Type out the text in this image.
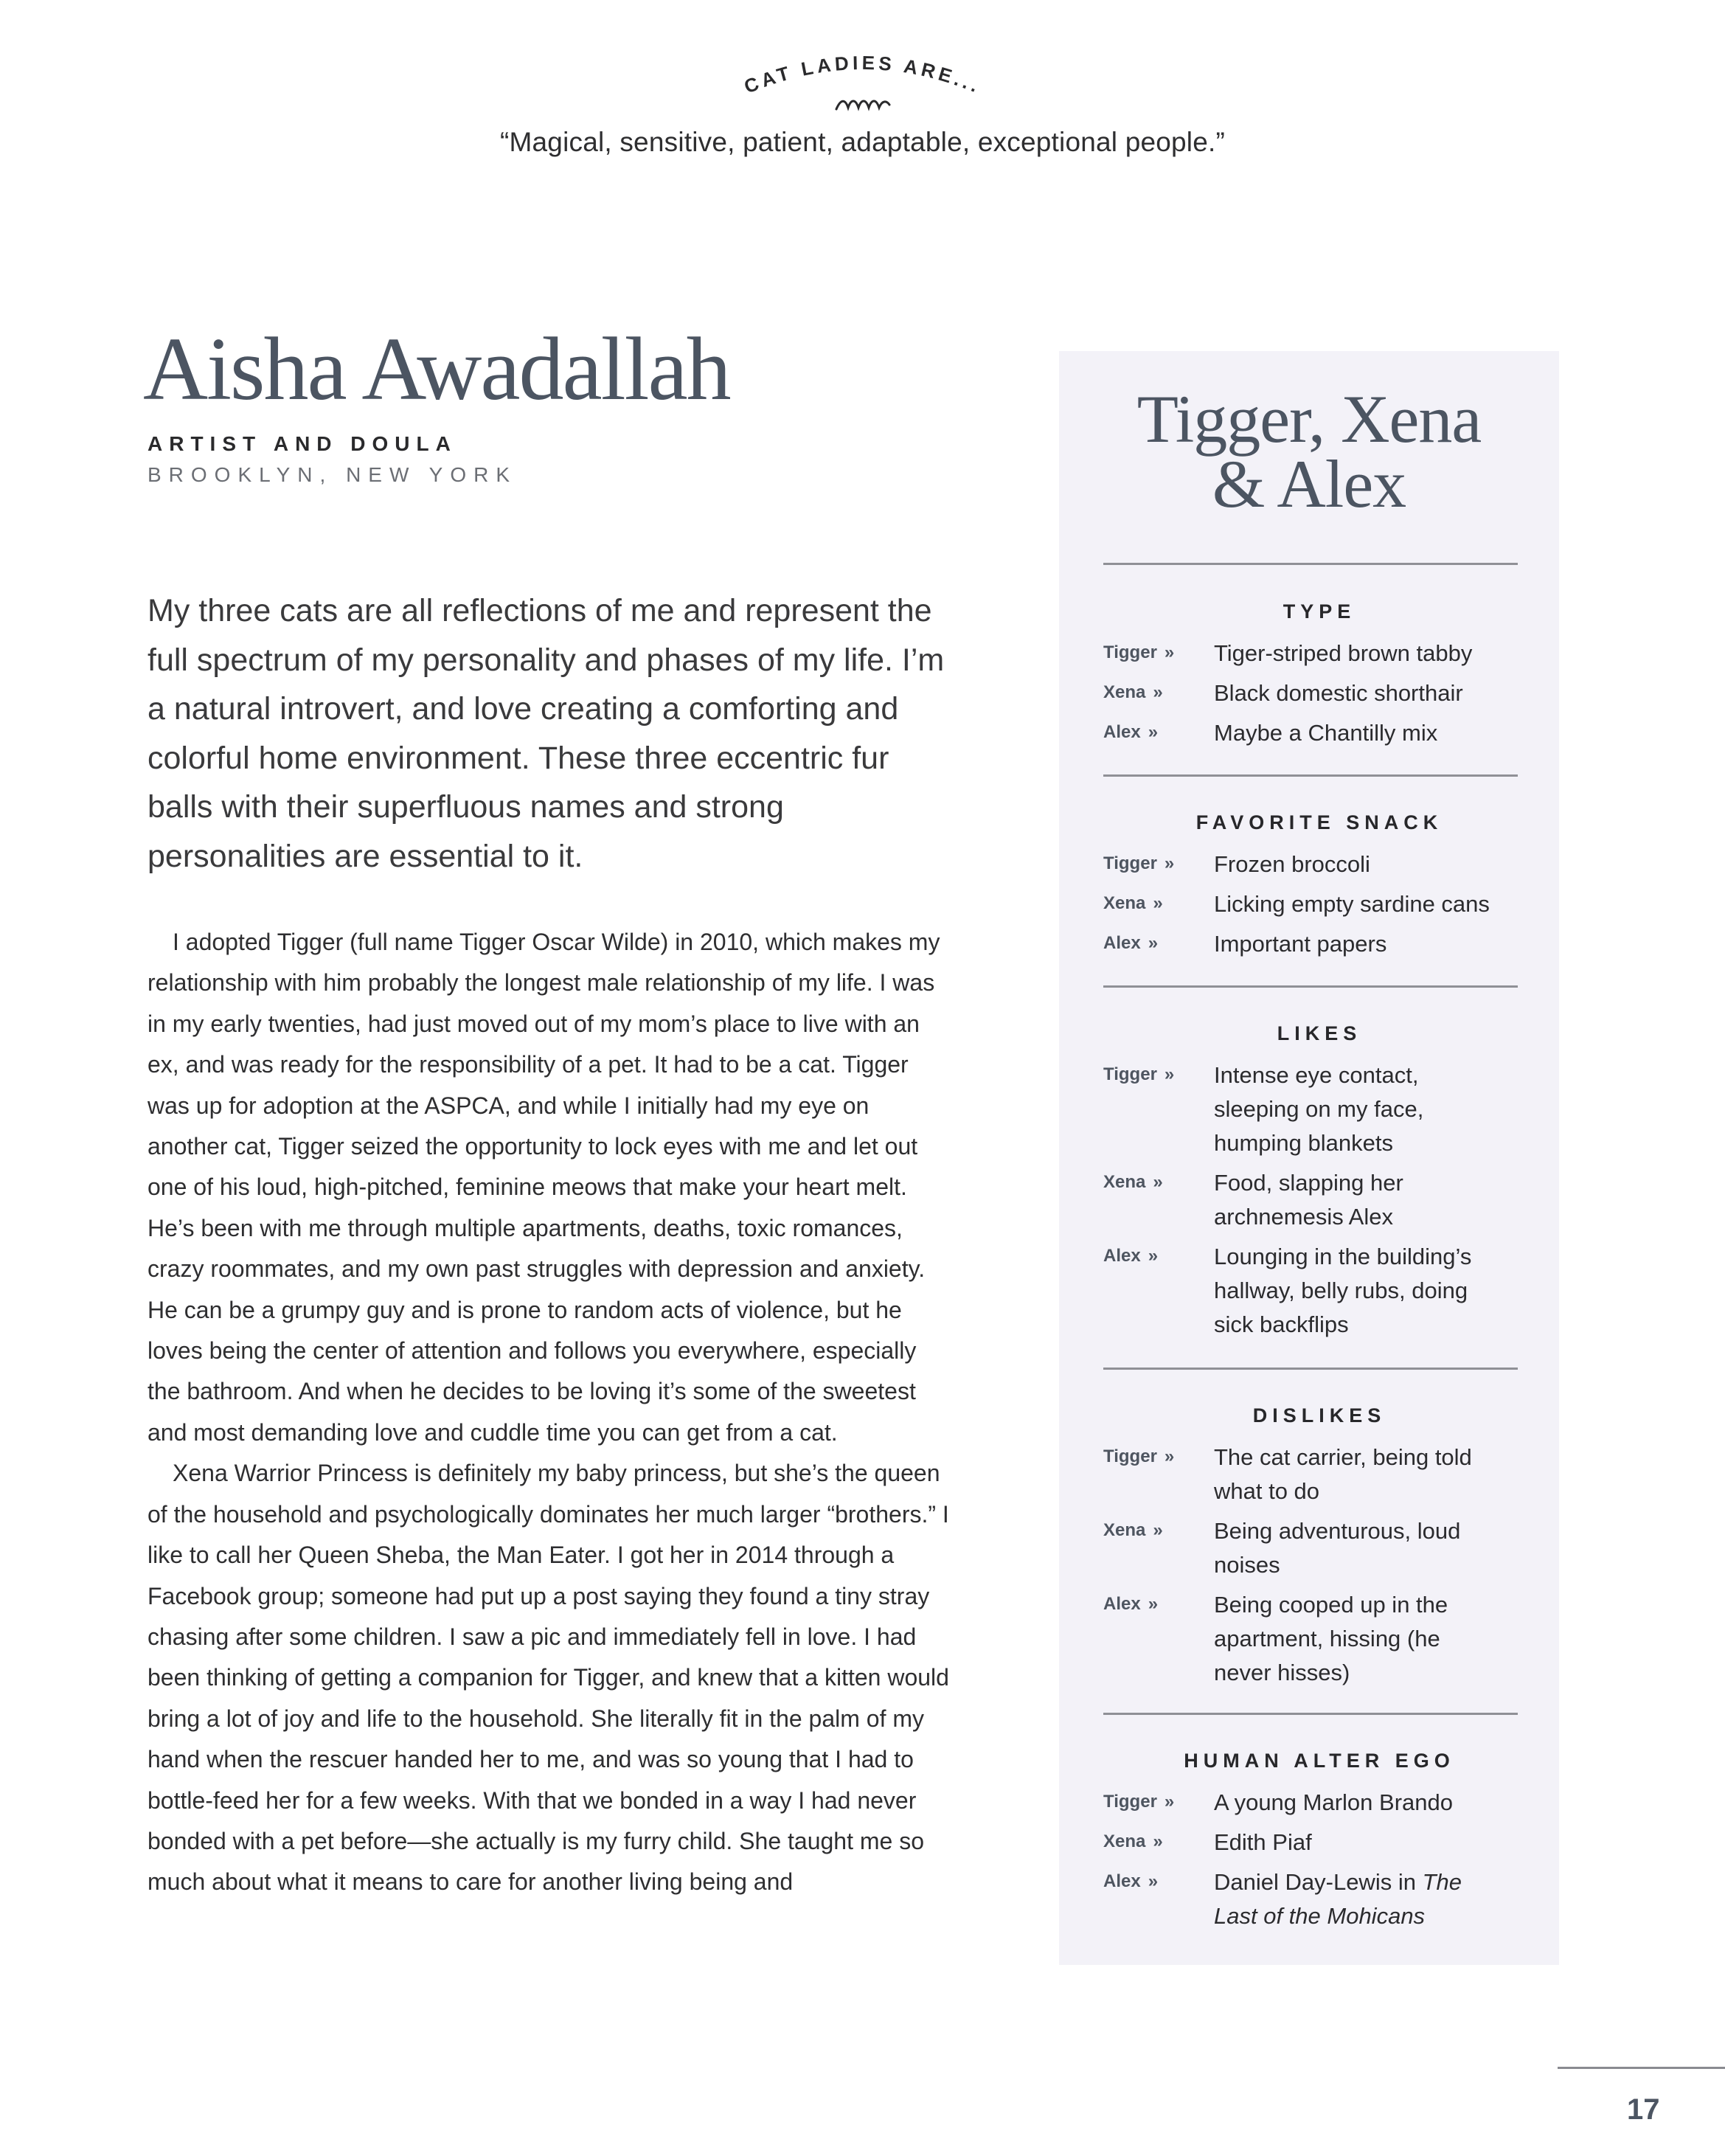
CAT LADIES ARE...
“Magical, sensitive, patient, adaptable, exceptional people.”
Aisha Awadallah

ARTIST AND DOULA

BROOKLYN, NEW YORK

My three cats are all reflections of me and represent the full spectrum of my personality and phases of my life. I’m a natural introvert, and love creating a comforting and colorful home environment. These three eccentric fur balls with their superfluous names and strong personalities are essential to it.

I adopted Tigger (full name Tigger Oscar Wilde) in 2010, which makes my relationship with him probably the longest male relationship of my life. I was in my early twenties, had just moved out of my mom’s place to live with an ex, and was ready for the responsibility of a pet. It had to be a cat. Tigger was up for adoption at the ASPCA, and while I initially had my eye on another cat, Tigger seized the opportunity to lock eyes with me and let out one of his loud, high-pitched, feminine meows that make your heart melt. He’s been with me through multiple apartments, deaths, toxic romances, crazy roommates, and my own past struggles with depression and anxiety. He can be a grumpy guy and is prone to random acts of violence, but he loves being the center of attention and follows you everywhere, especially the bathroom. And when he decides to be loving it’s some of the sweetest and most demanding love and cuddle time you can get from a cat.

Xena Warrior Princess is definitely my baby princess, but she’s the queen of the household and psychologically dominates her much larger “brothers.” I like to call her Queen Sheba, the Man Eater. I got her in 2014 through a Facebook group; someone had put up a post saying they found a tiny stray chasing after some children. I saw a pic and immediately fell in love. I had been thinking of getting a companion for Tigger, and knew that a kitten would bring a lot of joy and life to the household. She literally fit in the palm of my hand when the rescuer handed her to me, and was so young that I had to bottle-feed her for a few weeks. With that we bonded in a way I had never bonded with a pet before—she actually is my furry child. She taught me so much about what it means to care for another living being and

Tigger, Xena
& Alex
TYPE
Tigger »	Tiger-striped brown tabby
Xena »	Black domestic shorthair
Alex »	Maybe a Chantilly mix
FAVORITE SNACK
Tigger »	Frozen broccoli
Xena »	Licking empty sardine cans
Alex »	Important papers
LIKES
Tigger »	Intense eye contact, sleeping on my face, humping blankets
Xena »	Food, slapping her archnemesis Alex
Alex »	Lounging in the building’s hallway, belly rubs, doing sick backflips
DISLIKES
Tigger »	The cat carrier, being told what to do
Xena »	Being adventurous, loud noises
Alex »	Being cooped up in the apartment, hissing (he never hisses)
HUMAN ALTER EGO
Tigger »	A young Marlon Brando
Xena »	Edith Piaf
Alex »	Daniel Day-Lewis in The Last of the Mohicans
17
